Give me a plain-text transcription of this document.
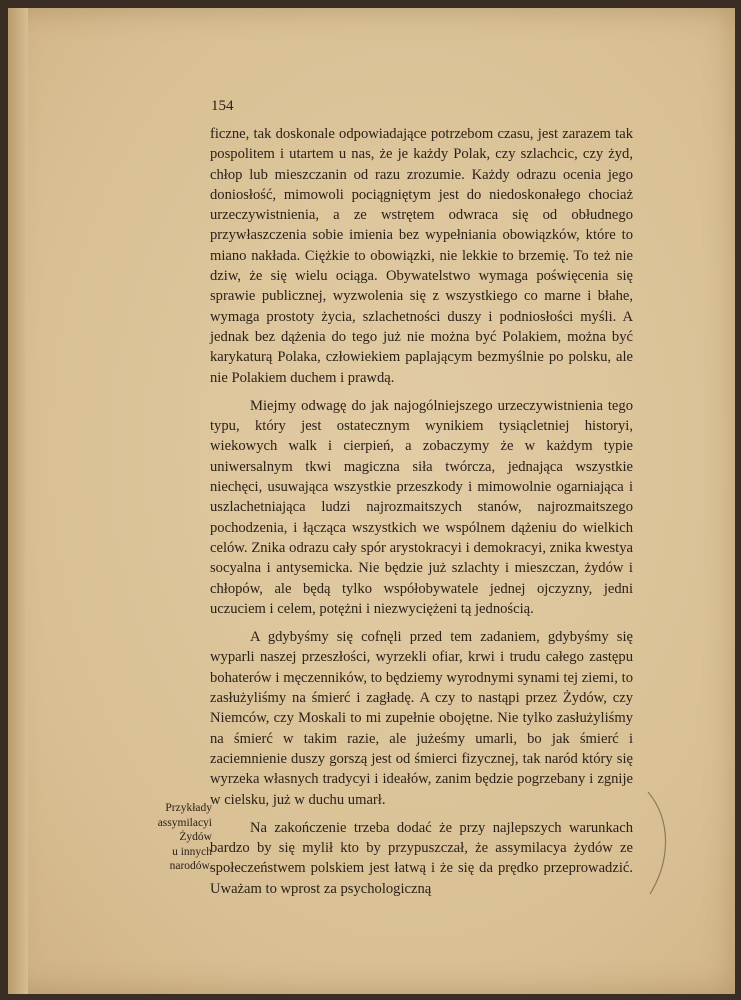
154

ficzne, tak doskonale odpowiadające potrzebom czasu, jest zarazem tak pospolitem i utartem u nas, że je każdy Polak, czy szlachcic, czy żyd, chłop lub mieszczanin od razu zrozumie. Każdy odrazu ocenia jego doniosłość, mimowoli pociągniętym jest do niedoskonałego chociaż urzeczywistnienia, a ze wstrętem odwraca się od obłudnego przywłaszczenia sobie imienia bez wypełniania obowiązków, które to miano nakłada. Ciężkie to obowiązki, nie lekkie to brzemię. To też nie dziw, że się wielu ociąga. Obywatelstwo wymaga poświęcenia się sprawie publicznej, wyzwolenia się z wszystkiego co marne i błahe, wymaga prostoty życia, szlachetności duszy i podniosłości myśli. A jednak bez dążenia do tego już nie można być Polakiem, można być karykaturą Polaka, człowiekiem paplającym bezmyślnie po polsku, ale nie Polakiem duchem i prawdą.

Miejmy odwagę do jak najogólniejszego urzeczywistnienia tego typu, który jest ostatecznym wynikiem tysiącletniej historyi, wiekowych walk i cierpień, a zobaczymy że w każdym typie uniwersalnym tkwi magiczna siła twórcza, jednająca wszystkie niechęci, usuwająca wszystkie przeszkody i mimowolnie ogarniająca i uszlachetniająca ludzi najrozmaitszych stanów, najrozmaitszego pochodzenia, i łącząca wszystkich we wspólnem dążeniu do wielkich celów. Znika odrazu cały spór arystokracyi i demokracyi, znika kwestya socyalna i antysemicka. Nie będzie już szlachty i mieszczan, żydów i chłopów, ale będą tylko współobywatele jednej ojczyzny, jedni uczuciem i celem, potężni i niezwyciężeni tą jednością.

A gdybyśmy się cofnęli przed tem zadaniem, gdybyśmy się wyparli naszej przeszłości, wyrzekli ofiar, krwi i trudu całego zastępu bohaterów i męczenników, to będziemy wyrodnymi synami tej ziemi, to zasłużyliśmy na śmierć i zagładę. A czy to nastąpi przez Żydów, czy Niemców, czy Moskali to mi zupełnie obojętne. Nie tylko zasłużyliśmy na śmierć w takim razie, ale jużeśmy umarli, bo jak śmierć i zaciemnienie duszy gorszą jest od śmierci fizycznej, tak naród który się wyrzeka własnych tradycyi i ideałów, zanim będzie pogrzebany i zgnije w cielsku, już w duchu umarł.

Na zakończenie trzeba dodać że przy najlepszych warunkach bardzo by się mylił kto by przypuszczał, że assymilacya żydów ze społeczeństwem polskiem jest łatwą i że się da prędko przeprowadzić. Uważam to wprost za psychologiczną

Przykłady
assymilacyi
Żydów
u innych
narodów.
